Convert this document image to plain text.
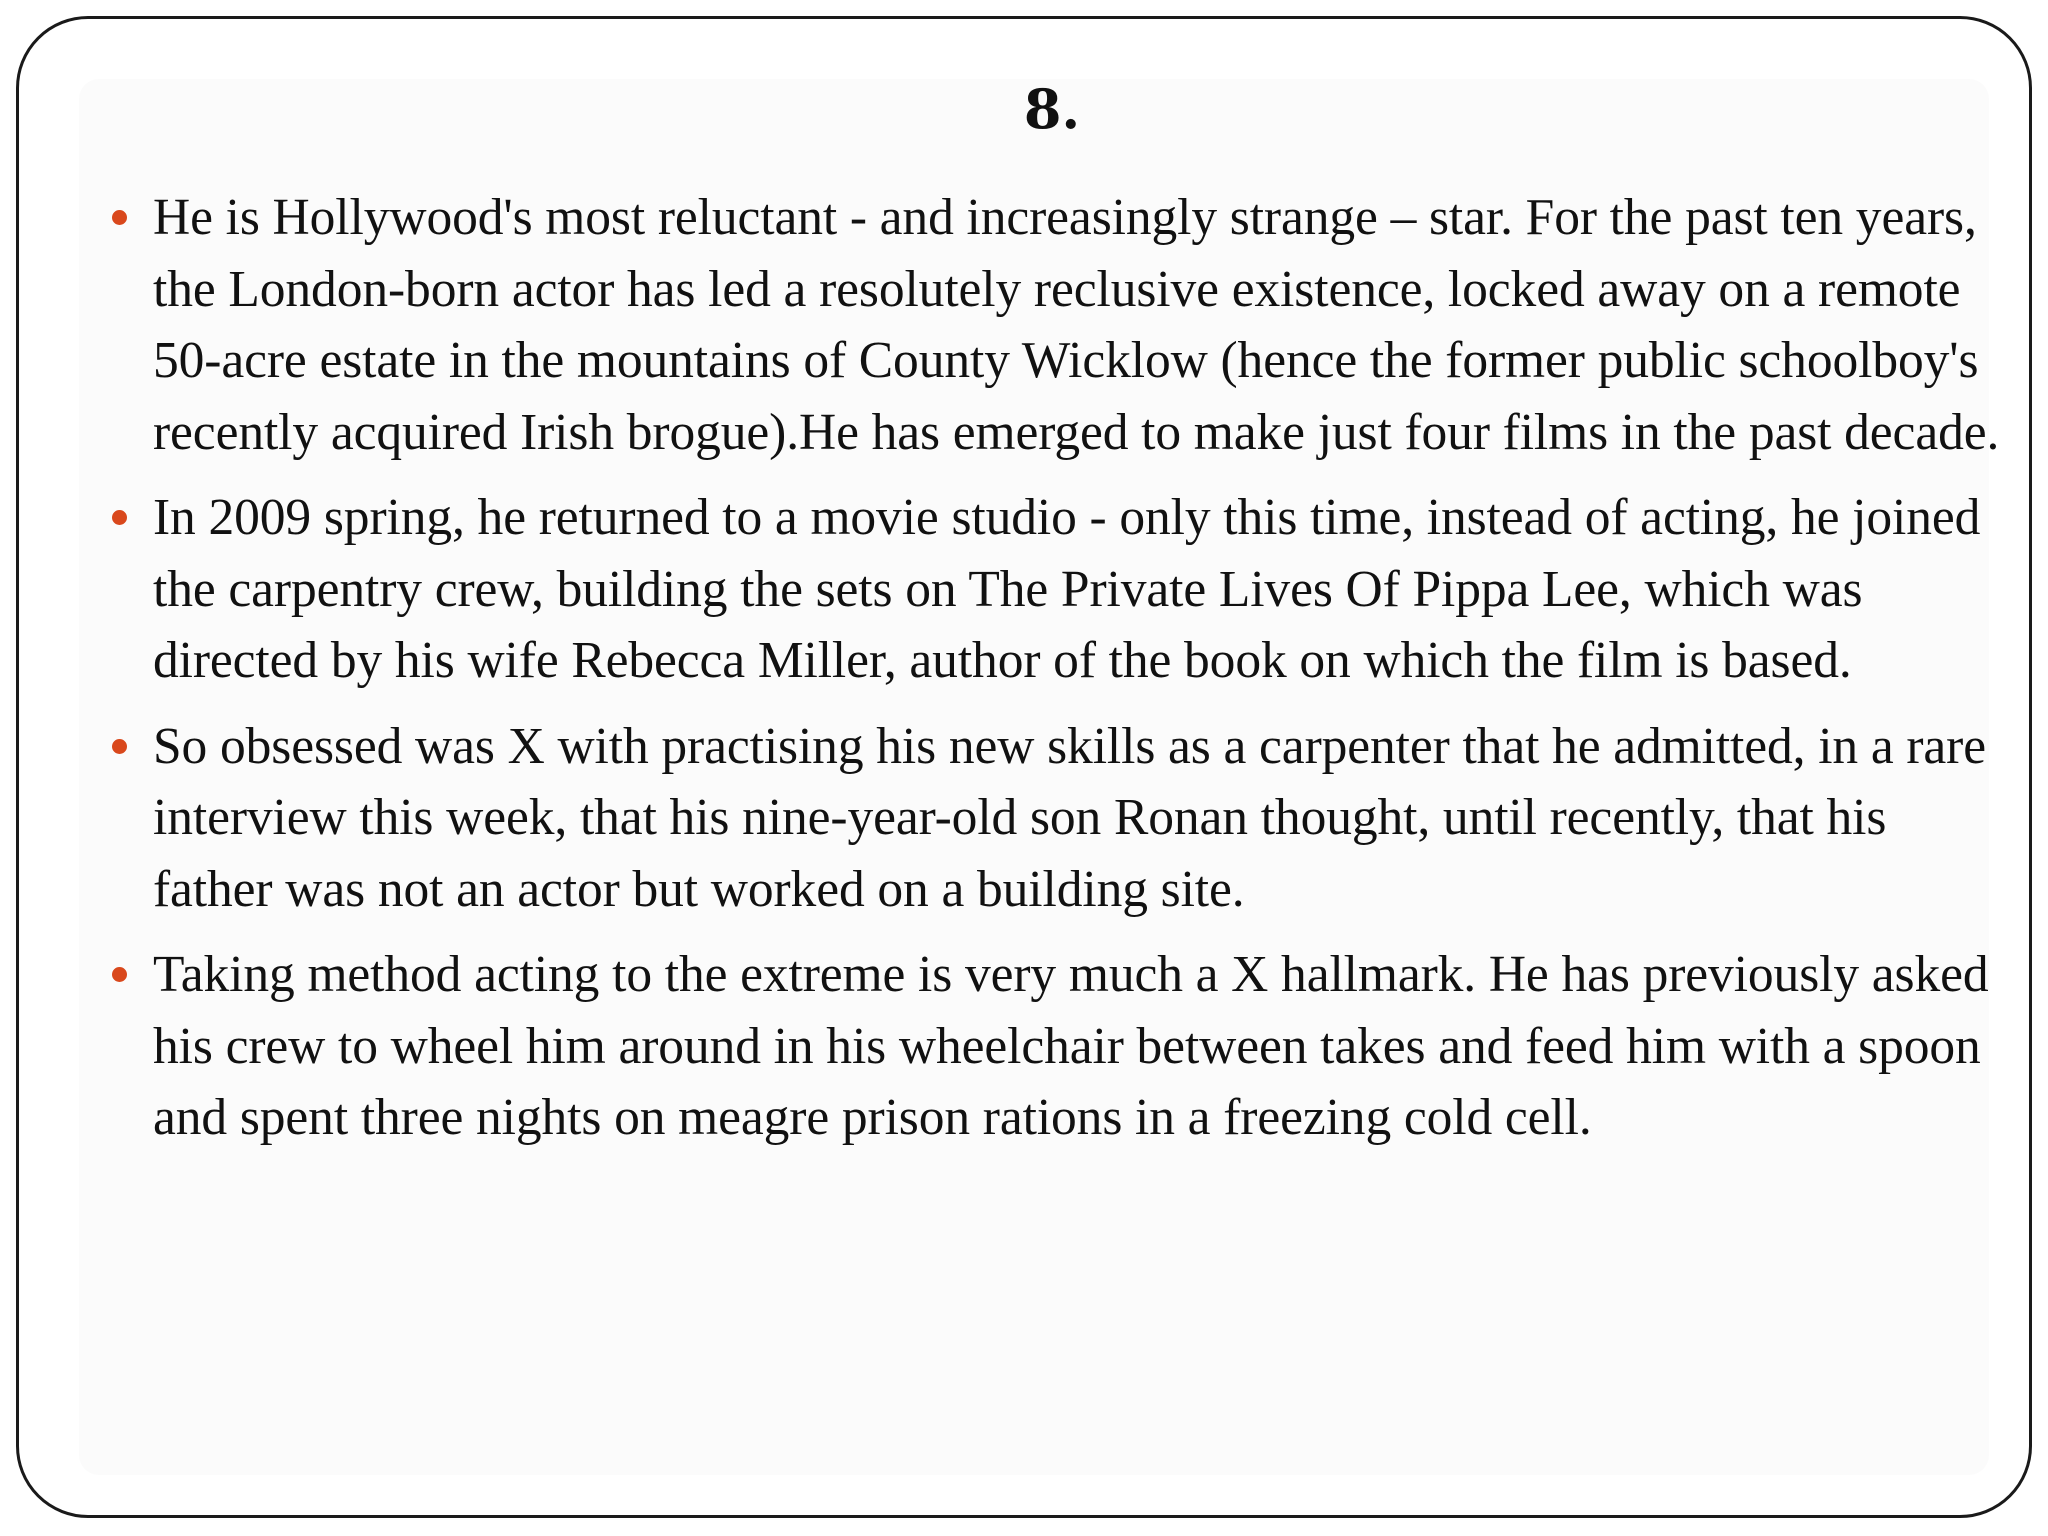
8.
He is Hollywood's most reluctant - and increasingly strange – star. For the past ten years, the London-born actor has led a resolutely reclusive existence, locked away on a remote 50-acre estate in the mountains of County Wicklow (hence the former public schoolboy's recently acquired Irish brogue).He has emerged to make just four films in the past decade.
In 2009 spring, he returned to a movie studio - only this time, instead of acting, he joined the carpentry crew, building the sets on The Private Lives Of Pippa Lee, which was directed by his wife Rebecca Miller, author of the book on which the film is based.
So obsessed was X with practising his new skills as a carpenter that he admitted, in a rare interview this week, that his nine-year-old son Ronan thought, until recently, that his father was not an actor but worked on a building site.
Taking method acting to the extreme is very much a X hallmark. He has previously asked his crew to wheel him around in his wheelchair between takes and feed him with a spoon and spent three nights on meagre prison rations in a freezing cold cell.
